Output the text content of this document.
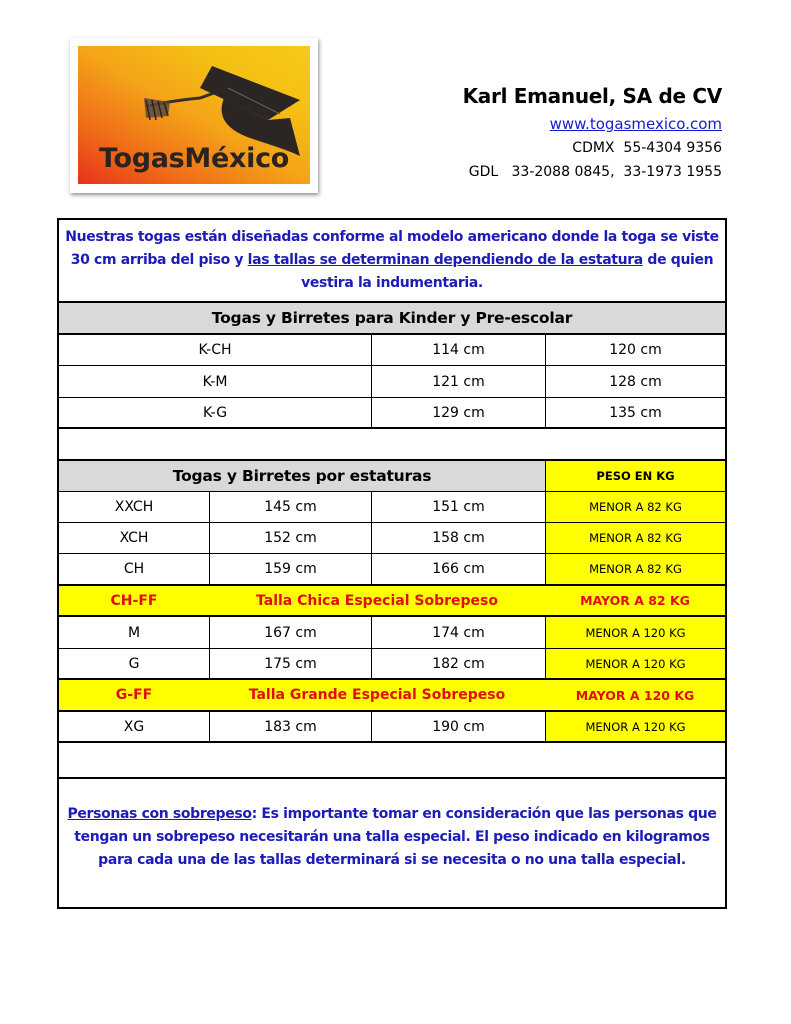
TogasMéxico
Karl Emanuel, SA de CV
www.togasmexico.com
CDMX  55-4304 9356
GDL   33-2088 0845,  33-1973 1955
Nuestras togas están diseñadas conforme al modelo americano donde la toga se viste 30 cm arriba del piso y las tallas se determinan dependiendo de la estatura de quien vestira la indumentaria.
Togas y Birretes para Kinder y Pre-escolar
K-CH	114 cm	120 cm
K-M	121 cm	128 cm
K-G	129 cm	135 cm
Togas y Birretes por estaturas	PESO EN KG
XXCH	145 cm	151 cm	MENOR A 82 KG
XCH	152 cm	158 cm	MENOR A 82 KG
CH	159 cm	166 cm	MENOR A 82 KG
CH-FF	Talla Chica Especial Sobrepeso	MAYOR A 82 KG
M	167 cm	174 cm	MENOR A 120 KG
G	175 cm	182 cm	MENOR A 120 KG
G-FF	Talla Grande Especial Sobrepeso	MAYOR A 120 KG
XG	183 cm	190 cm	MENOR A 120 KG
Personas con sobrepeso: Es importante tomar en consideración que las personas que tengan un sobrepeso necesitarán una talla especial. El peso indicado en kilogramos para cada una de las tallas determinará si se necesita o no una talla especial.
